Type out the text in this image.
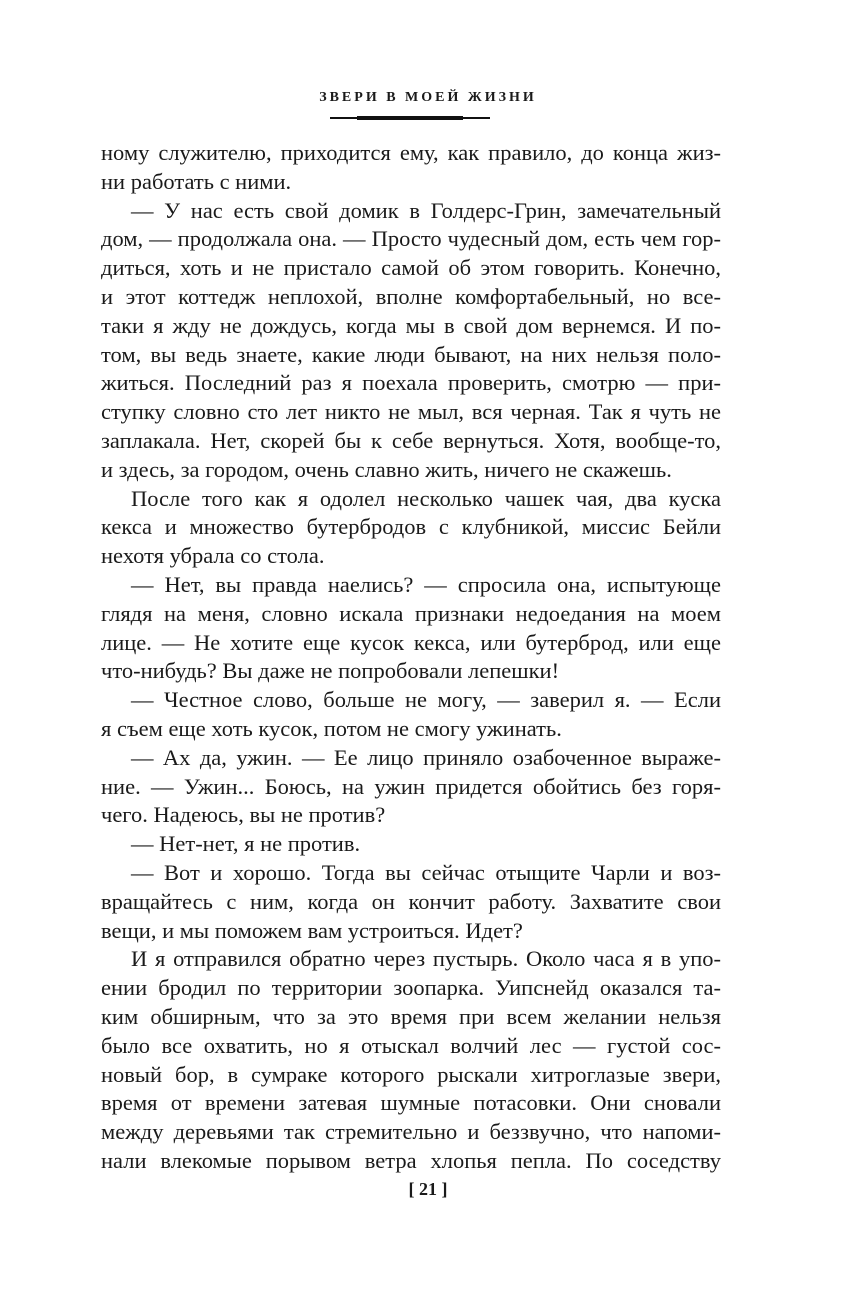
ЗВЕРИ В МОЕЙ ЖИЗНИ
ному служителю, приходится ему, как правило, до конца жиз-
ни работать с ними.
— У нас есть свой домик в Голдерс-Грин, замечательный
дом, — продолжала она. — Просто чудесный дом, есть чем гор-
диться, хоть и не пристало самой об этом говорить. Конечно,
и этот коттедж неплохой, вполне комфортабельный, но все-
таки я жду не дождусь, когда мы в свой дом вернемся. И по-
том, вы ведь знаете, какие люди бывают, на них нельзя поло-
житься. Последний раз я поехала проверить, смотрю — при-
ступку словно сто лет никто не мыл, вся черная. Так я чуть не
заплакала. Нет, скорей бы к себе вернуться. Хотя, вообще-то,
и здесь, за городом, очень славно жить, ничего не скажешь.
После того как я одолел несколько чашек чая, два куска
кекса и множество бутербродов с клубникой, миссис Бейли
нехотя убрала со стола.
— Нет, вы правда наелись? — спросила она, испытующе
глядя на меня, словно искала признаки недоедания на моем
лице. — Не хотите еще кусок кекса, или бутерброд, или еще
что-нибудь? Вы даже не попробовали лепешки!
— Честное слово, больше не могу, — заверил я. — Если
я съем еще хоть кусок, потом не смогу ужинать.
— Ах да, ужин. — Ее лицо приняло озабоченное выраже-
ние. — Ужин... Боюсь, на ужин придется обойтись без горя-
чего. Надеюсь, вы не против?
— Нет-нет, я не против.
— Вот и хорошо. Тогда вы сейчас отыщите Чарли и воз-
вращайтесь с ним, когда он кончит работу. Захватите свои
вещи, и мы поможем вам устроиться. Идет?
И я отправился обратно через пустырь. Около часа я в упо-
ении бродил по территории зоопарка. Уипснейд оказался та-
ким обширным, что за это время при всем желании нельзя
было все охватить, но я отыскал волчий лес — густой сос-
новый бор, в сумраке которого рыскали хитроглазые звери,
время от времени затевая шумные потасовки. Они сновали
между деревьями так стремительно и беззвучно, что напоми-
нали влекомые порывом ветра хлопья пепла. По соседству
[ 21 ]
